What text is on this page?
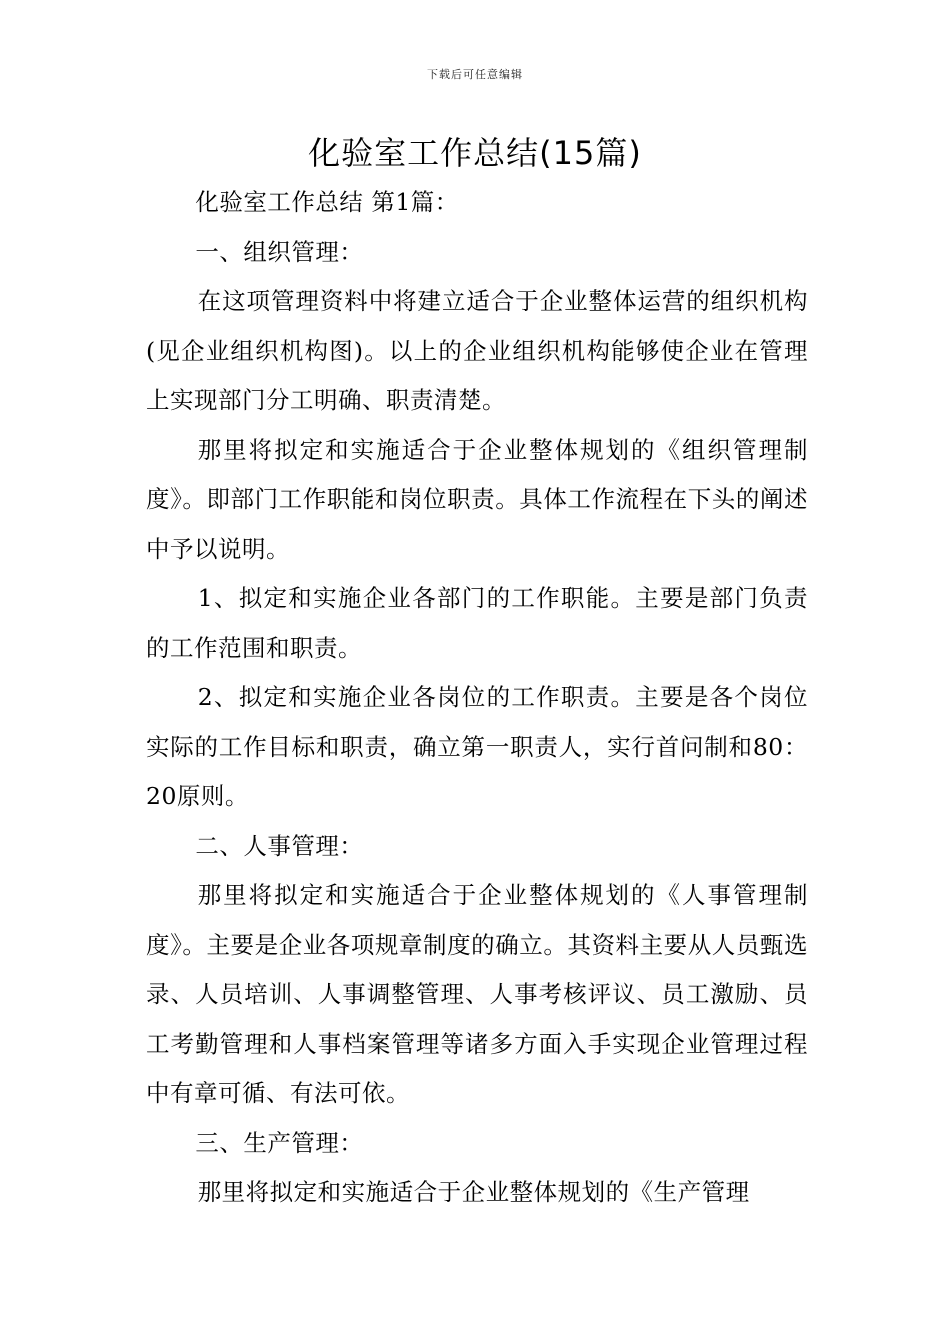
下载后可任意编辑
化验室工作总结(15篇)

化验室工作总结 第1篇：

一、组织管理：

在这项管理资料中将建立适合于企业整体运营的组织机构(见企业组织机构图)。以上的企业组织机构能够使企业在管理上实现部门分工明确、职责清楚。

那里将拟定和实施适合于企业整体规划的《组织管理制度》。即部门工作职能和岗位职责。具体工作流程在下头的阐述中予以说明。

1、拟定和实施企业各部门的工作职能。主要是部门负责的工作范围和职责。

2、拟定和实施企业各岗位的工作职责。主要是各个岗位实际的工作目标和职责，确立第一职责人，实行首问制和80：20原则。

二、人事管理：

那里将拟定和实施适合于企业整体规划的《人事管理制度》。主要是企业各项规章制度的确立。其资料主要从人员甄选录、人员培训、人事调整管理、人事考核评议、员工激励、员工考勤管理和人事档案管理等诸多方面入手实现企业管理过程中有章可循、有法可依。

三、生产管理：

那里将拟定和实施适合于企业整体规划的《生产管理
